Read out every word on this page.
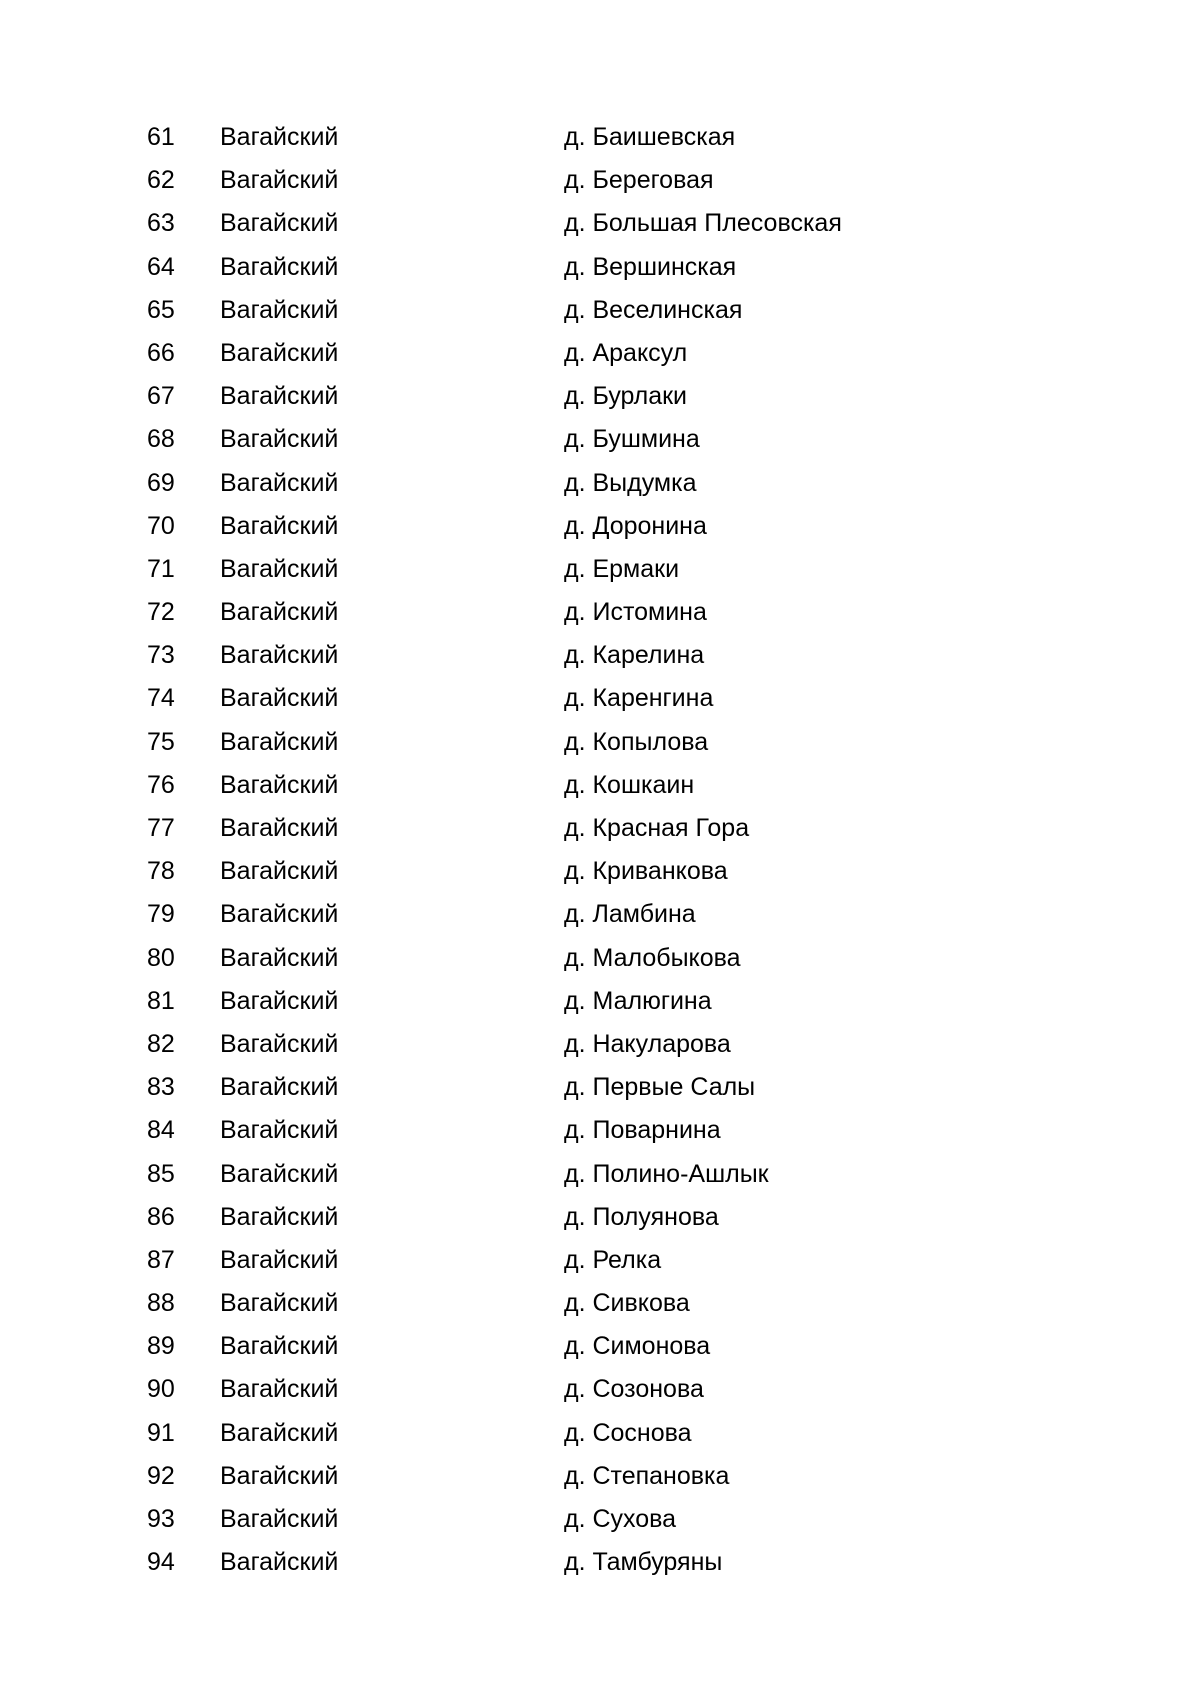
61 Вагайский	д. Баишевская
62 Вагайский	д. Береговая
63 Вагайский	д. Большая Плесовская
64 Вагайский	д. Вершинская
65 Вагайский	д. Веселинская
66 Вагайский	д. Араксул
67 Вагайский	д. Бурлаки
68 Вагайский	д. Бушмина
69 Вагайский	д. Выдумка
70 Вагайский	д. Доронина
71 Вагайский	д. Ермаки
72 Вагайский	д. Истомина
73 Вагайский	д. Карелина
74 Вагайский	д. Каренгина
75 Вагайский	д. Копылова
76 Вагайский	д. Кошкаин
77 Вагайский	д. Красная Гора
78 Вагайский	д. Криванкова
79 Вагайский	д. Ламбина
80 Вагайский	д. Малобыкова
81 Вагайский	д. Малюгина
82 Вагайский	д. Накуларова
83 Вагайский	д. Первые Салы
84 Вагайский	д. Поварнина
85 Вагайский	д. Полино-Ашлык
86 Вагайский	д. Полуянова
87 Вагайский	д. Релка
88 Вагайский	д. Сивкова
89 Вагайский	д. Симонова
90 Вагайский	д. Созонова
91 Вагайский	д. Соснова
92 Вагайский	д. Степановка
93 Вагайский	д. Сухова
94 Вагайский	д. Тамбуряны
